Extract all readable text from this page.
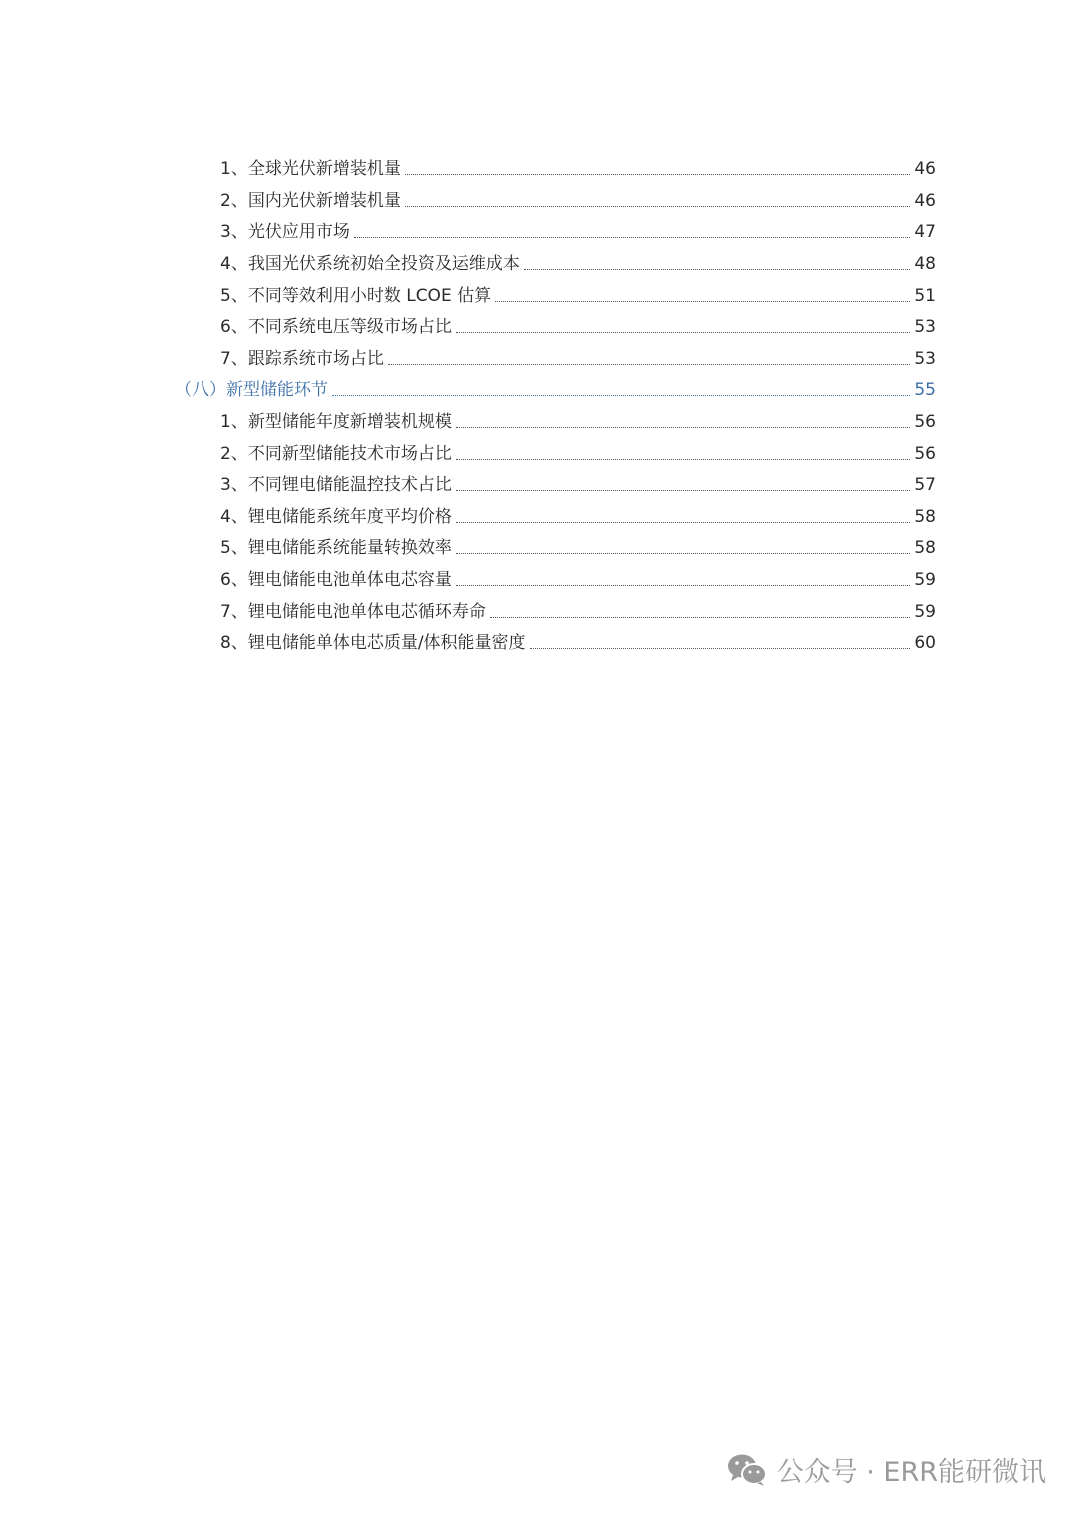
1、全球光伏新增装机量	46
2、国内光伏新增装机量	46
3、光伏应用市场	47
4、我国光伏系统初始全投资及运维成本	48
5、不同等效利用小时数 LCOE 估算	51
6、不同系统电压等级市场占比	53
7、跟踪系统市场占比	53
（八）新型储能环节	55
1、新型储能年度新增装机规模	56
2、不同新型储能技术市场占比	56
3、不同锂电储能温控技术占比	57
4、锂电储能系统年度平均价格	58
5、锂电储能系统能量转换效率	58
6、锂电储能电池单体电芯容量	59
7、锂电储能电池单体电芯循环寿命	59
8、锂电储能单体电芯质量/体积能量密度	60
公众号 · ERR能研微讯
